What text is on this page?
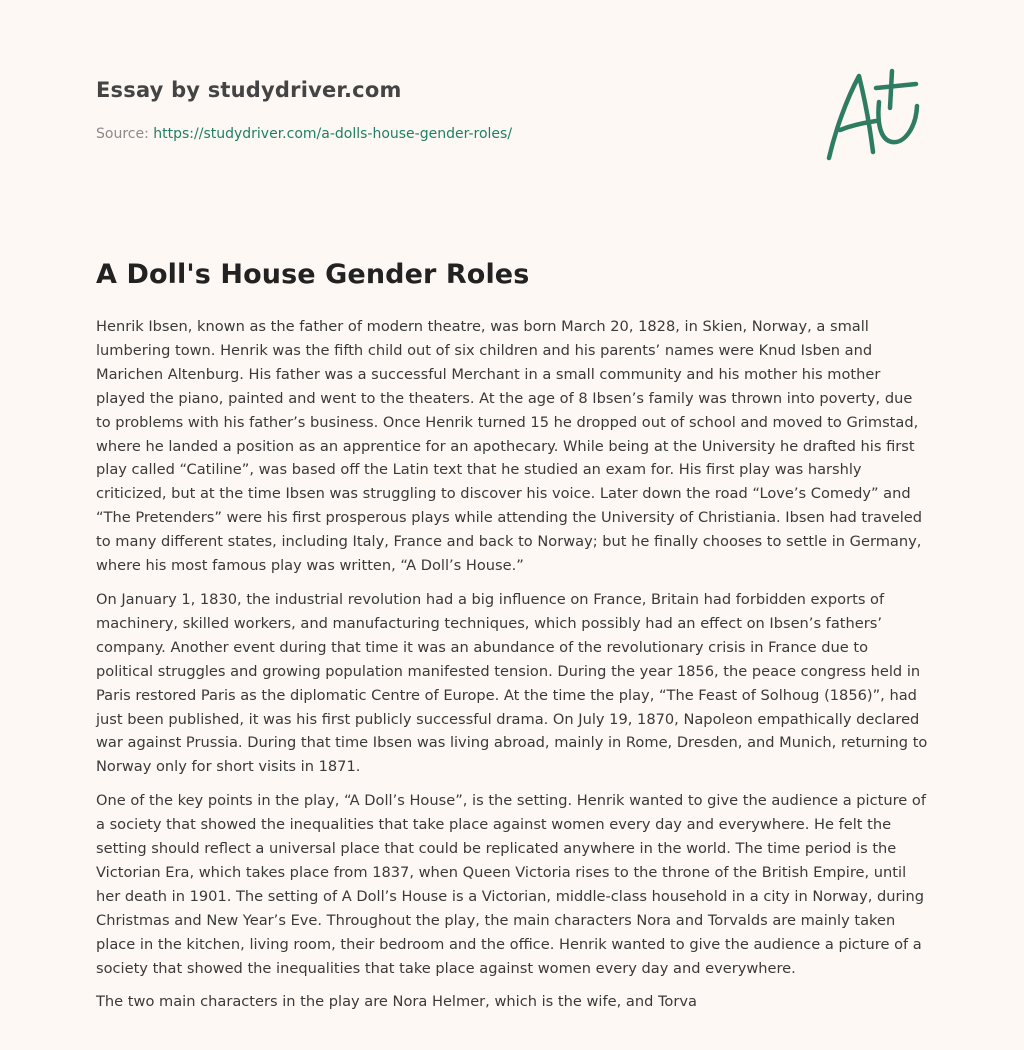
Essay by studydriver.com
Source: https://studydriver.com/a-dolls-house-gender-roles/
A Doll's House Gender Roles

Henrik Ibsen, known as the father of modern theatre, was born March 20, 1828, in Skien, Norway, a small lumbering town. Henrik was the fifth child out of six children and his parents’ names were Knud Isben and Marichen Altenburg. His father was a successful Merchant in a small community and his mother his mother played the piano, painted and went to the theaters. At the age of 8 Ibsen’s family was thrown into poverty, due to problems with his father’s business. Once Henrik turned 15 he dropped out of school and moved to Grimstad, where he landed a position as an apprentice for an apothecary. While being at the University he drafted his first play called “Catiline”, was based off the Latin text that he studied an exam for. His first play was harshly criticized, but at the time Ibsen was struggling to discover his voice. Later down the road “Love’s Comedy” and “The Pretenders” were his first prosperous plays while attending the University of Christiania. Ibsen had traveled to many different states, including Italy, France and back to Norway; but he finally chooses to settle in Germany, where his most famous play was written, “A Doll’s House.”

On January 1, 1830, the industrial revolution had a big influence on France, Britain had forbidden exports of machinery, skilled workers, and manufacturing techniques, which possibly had an effect on Ibsen’s fathers’ company. Another event during that time it was an abundance of the revolutionary crisis in France due to political struggles and growing population manifested tension. During the year 1856, the peace congress held in Paris restored Paris as the diplomatic Centre of Europe. At the time the play, “The Feast of Solhoug (1856)”, had just been published, it was his first publicly successful drama. On July 19, 1870, Napoleon empathically declared war against Prussia. During that time Ibsen was living abroad, mainly in Rome, Dresden, and Munich, returning to Norway only for short visits in 1871.

One of the key points in the play, “A Doll’s House”, is the setting. Henrik wanted to give the audience a picture of a society that showed the inequalities that take place against women every day and everywhere. He felt the setting should reflect a universal place that could be replicated anywhere in the world. The time period is the Victorian Era, which takes place from 1837, when Queen Victoria rises to the throne of the British Empire, until her death in 1901. The setting of A Doll’s House is a Victorian, middle-class household in a city in Norway, during Christmas and New Year’s Eve. Throughout the play, the main characters Nora and Torvalds are mainly taken place in the kitchen, living room, their bedroom and the office. Henrik wanted to give the audience a picture of a society that showed the inequalities that take place against women every day and everywhere.

The two main characters in the play are Nora Helmer, which is the wife, and Torva
